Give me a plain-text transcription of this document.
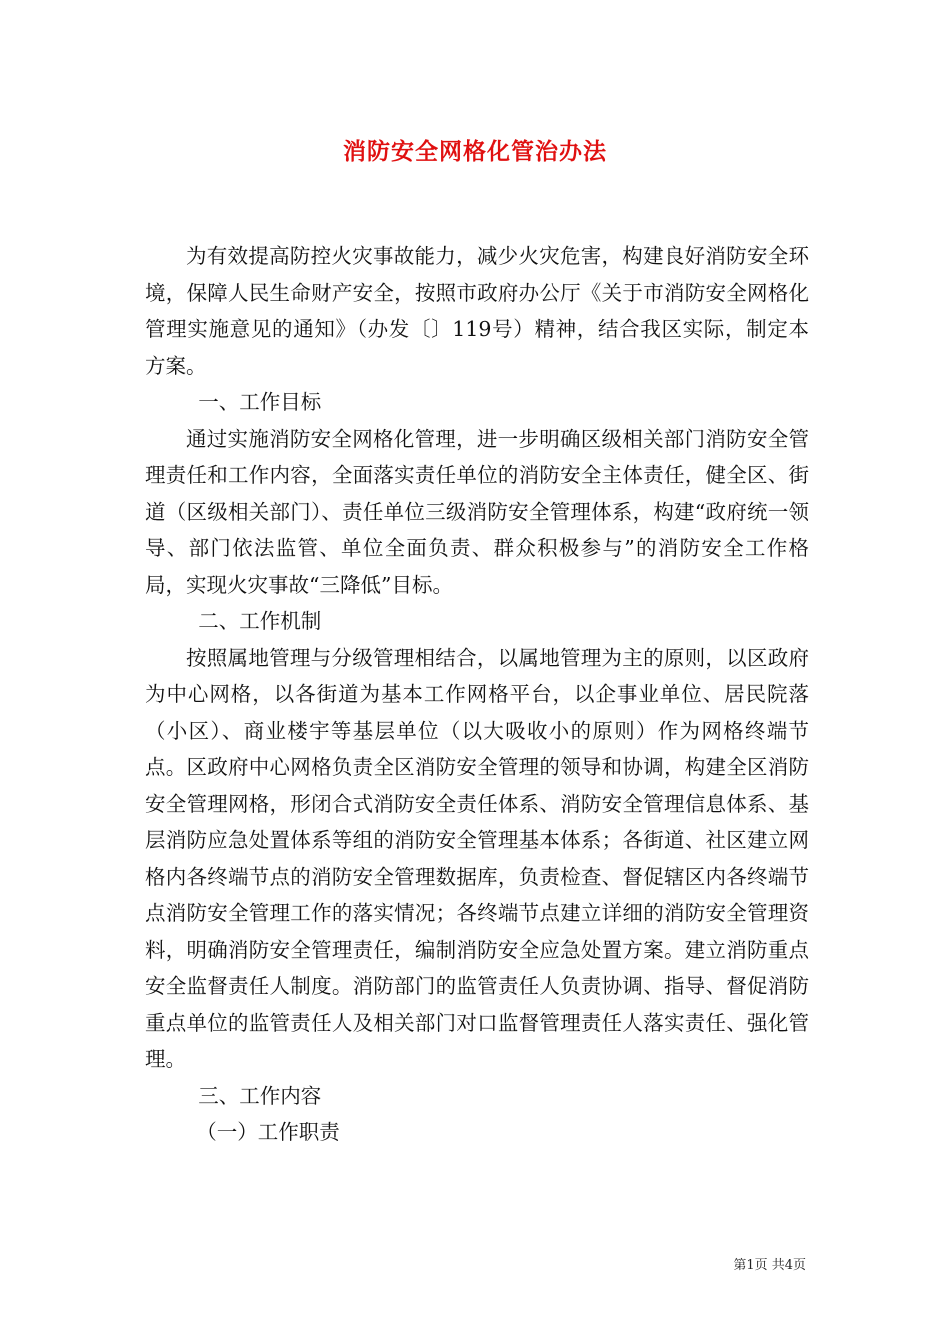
消防安全网格化管治办法

为有效提高防控火灾事故能力，减少火灾危害，构建良好消防安全环境，保障人民生命财产安全，按照市政府办公厅《关于市消防安全网格化管理实施意见的通知》（办发〔〕119号）精神，结合我区实际，制定本方案。

一、工作目标

通过实施消防安全网格化管理，进一步明确区级相关部门消防安全管理责任和工作内容，全面落实责任单位的消防安全主体责任，健全区、街道（区级相关部门）、责任单位三级消防安全管理体系，构建“政府统一领导、部门依法监管、单位全面负责、群众积极参与”的消防安全工作格局，实现火灾事故“三降低”目标。

二、工作机制

按照属地管理与分级管理相结合，以属地管理为主的原则，以区政府为中心网格，以各街道为基本工作网格平台，以企事业单位、居民院落（小区）、商业楼宇等基层单位（以大吸收小的原则）作为网格终端节点。区政府中心网格负责全区消防安全管理的领导和协调，构建全区消防安全管理网格，形闭合式消防安全责任体系、消防安全管理信息体系、基层消防应急处置体系等组的消防安全管理基本体系；各街道、社区建立网格内各终端节点的消防安全管理数据库，负责检查、督促辖区内各终端节点消防安全管理工作的落实情况；各终端节点建立详细的消防安全管理资料，明确消防安全管理责任，编制消防安全应急处置方案。建立消防重点安全监督责任人制度。消防部门的监管责任人负责协调、指导、督促消防重点单位的监管责任人及相关部门对口监督管理责任人落实责任、强化管理。

三、工作内容

（一）工作职责

第1页 共4页
